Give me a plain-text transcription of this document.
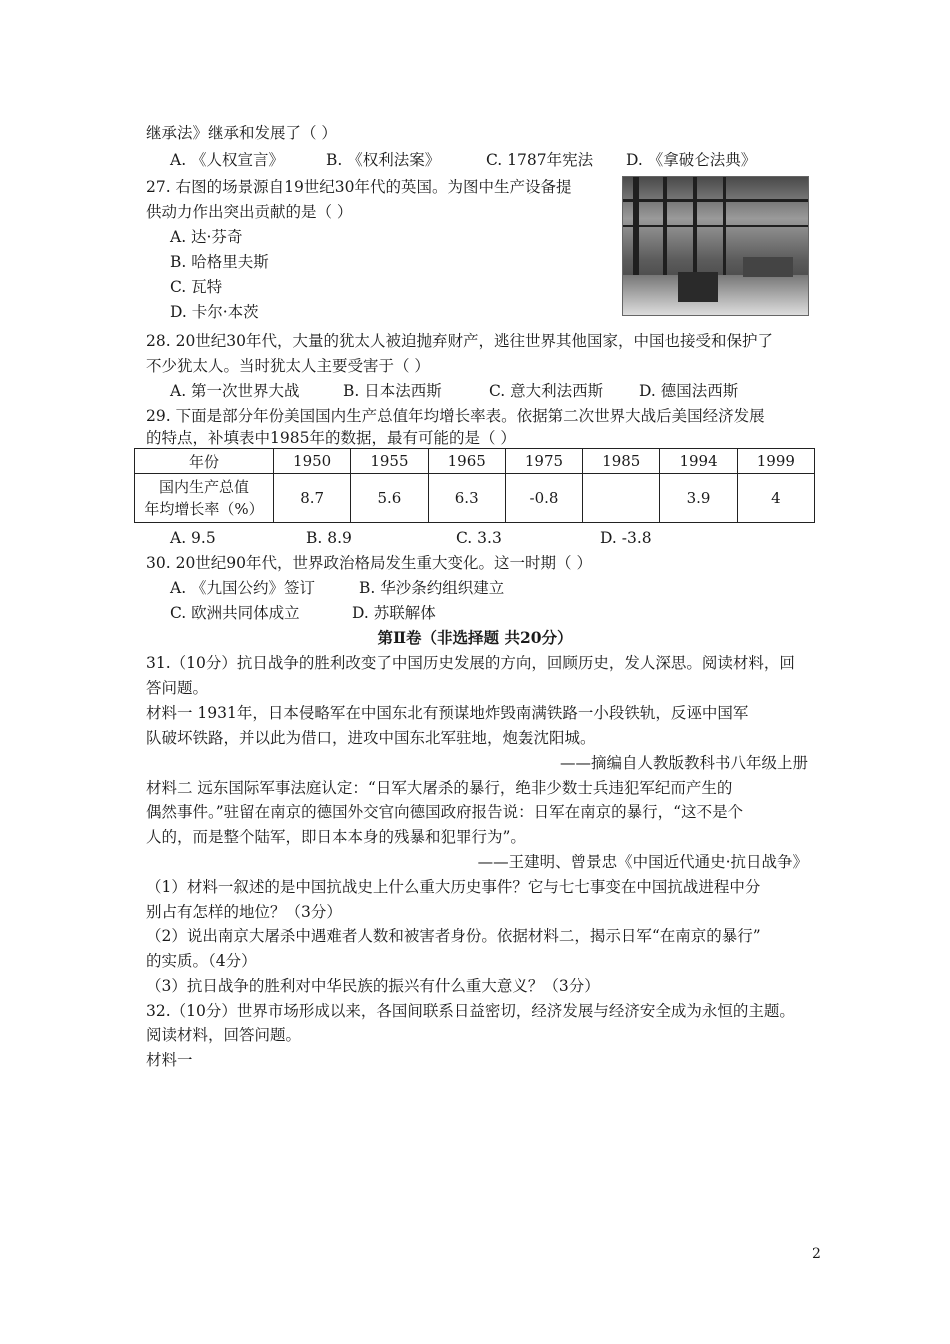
继承法》继承和发展了（ ）
A. 《人权宣言》	B. 《权利法案》	C. 1787年宪法 D. 《拿破仑法典》
27. 右图的场景源自19世纪30年代的英国。为图中生产设备提
供动力作出突出贡献的是（ ）
A. 达·芬奇
B. 哈格里夫斯
C. 瓦特
D. 卡尔·本茨
28. 20世纪30年代，大量的犹太人被迫抛弃财产，逃往世界其他国家，中国也接受和保护了
不少犹太人。当时犹太人主要受害于（ ）
A. 第一次世界大战	B. 日本法西斯	C. 意大利法西斯 D. 德国法西斯
29. 下面是部分年份美国国内生产总值年均增长率表。依据第二次世界大战后美国经济发展
的特点，补填表中1985年的数据，最有可能的是（ ）
年份	1950	1955	1965	1975	1985	1994	1999

国内生产总值
年均增长率（%）	8.7	5.6	6.3	-0.8		3.9	4
A. 9.5	B. 8.9	C. 3.3	D. -3.8
30. 20世纪90年代，世界政治格局发生重大变化。这一时期（ ）
A. 《九国公约》签订	B. 华沙条约组织建立
C. 欧洲共同体成立	D. 苏联解体
第Ⅱ卷（非选择题 共20分）
31.（10分）抗日战争的胜利改变了中国历史发展的方向，回顾历史，发人深思。阅读材料，回
答问题。
材料一 1931年，日本侵略军在中国东北有预谋地炸毁南满铁路一小段铁轨，反诬中国军
队破坏铁路，并以此为借口，进攻中国东北军驻地，炮轰沈阳城。
——摘编自人教版教科书八年级上册
材料二 远东国际军事法庭认定：“日军大屠杀的暴行，绝非少数士兵违犯军纪而产生的
偶然事件。”驻留在南京的德国外交官向德国政府报告说：日军在南京的暴行，“这不是个
人的，而是整个陆军，即日本本身的残暴和犯罪行为”。
——王建明、曾景忠《中国近代通史·抗日战争》
（1）材料一叙述的是中国抗战史上什么重大历史事件？它与七七事变在中国抗战进程中分
别占有怎样的地位？（3分）
（2）说出南京大屠杀中遇难者人数和被害者身份。依据材料二，揭示日军“在南京的暴行”
的实质。（4分）
（3）抗日战争的胜利对中华民族的振兴有什么重大意义？（3分）
32.（10分）世界市场形成以来，各国间联系日益密切，经济发展与经济安全成为永恒的主题。
阅读材料，回答问题。
材料一
2
